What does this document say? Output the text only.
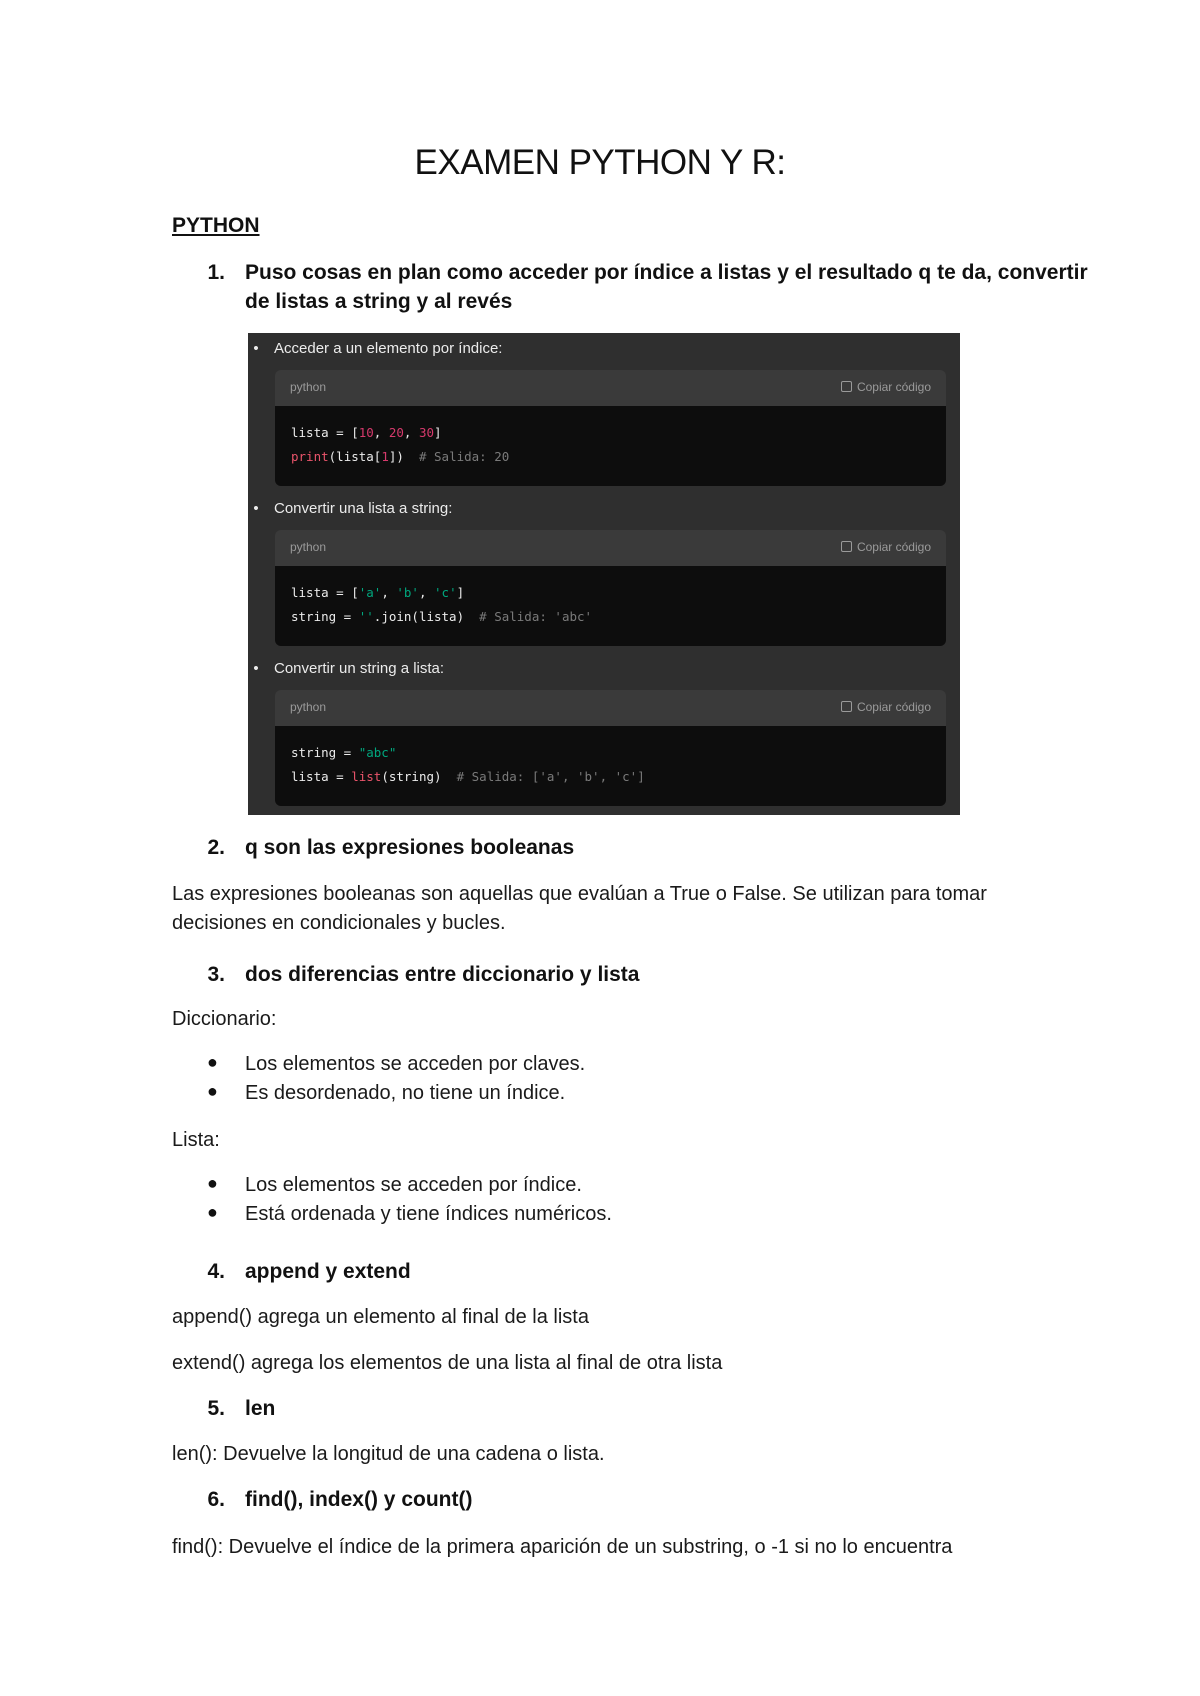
EXAMEN PYTHON Y R:
PYTHON
1. Puso cosas en plan como acceder por índice a listas y el resultado q te da, convertir
de listas a string y al revés
•	Acceder a un elemento por índice:
python	Copiar código
lista = [10, 20, 30]
print(lista[1])  # Salida: 20
•	Convertir una lista a string:
python	Copiar código
lista = ['a', 'b', 'c']
string = ''.join(lista)  # Salida: 'abc'
•	Convertir un string a lista:
python	Copiar código
string = "abc"
lista = list(string)  # Salida: ['a', 'b', 'c']
2. q son las expresiones booleanas
Las expresiones booleanas son aquellas que evalúan a True o False. Se utilizan para tomar
decisiones en condicionales y bucles.
3. dos diferencias entre diccionario y lista
Diccionario:
● Los elementos se acceden por claves.
● Es desordenado, no tiene un índice.
Lista:
● Los elementos se acceden por índice.
● Está ordenada y tiene índices numéricos.
4. append y extend
append() agrega un elemento al final de la lista
extend() agrega los elementos de una lista al final de otra lista
5. len
len(): Devuelve la longitud de una cadena o lista.
6. find(), index() y count()
find(): Devuelve el índice de la primera aparición de un substring, o -1 si no lo encuentra
